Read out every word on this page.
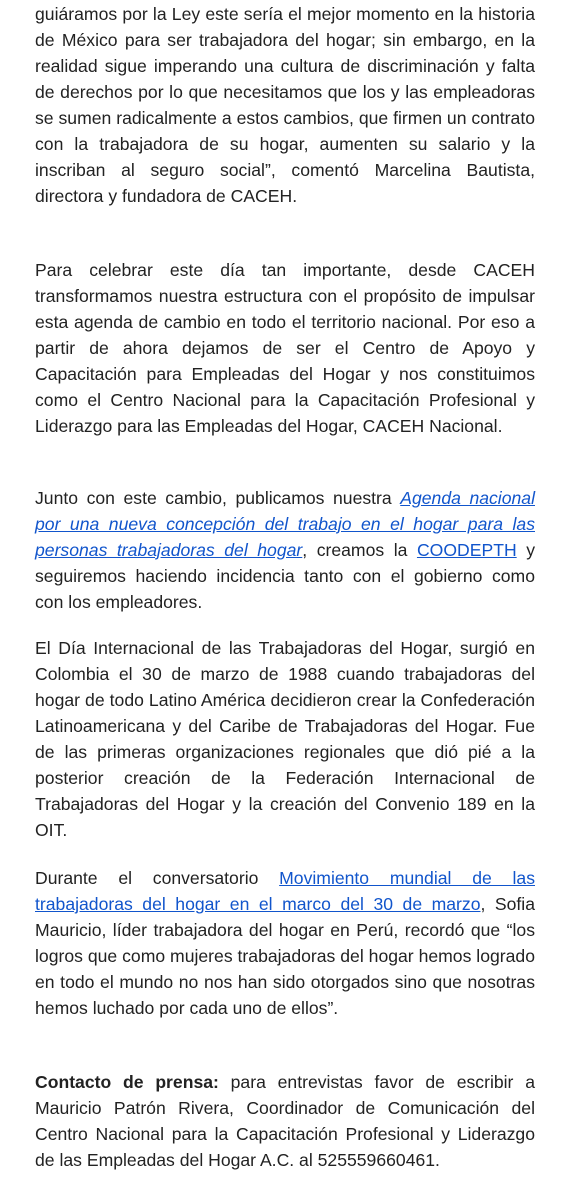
guiáramos por la Ley este sería el mejor momento en la historia de México para ser trabajadora del hogar; sin embargo, en la realidad sigue imperando una cultura de discriminación y falta de derechos por lo que necesitamos que los y las empleadoras se sumen radicalmente a estos cambios, que firmen un contrato con la trabajadora de su hogar, aumenten su salario y la inscriban al seguro social”, comentó Marcelina Bautista, directora y fundadora de CACEH.

Para celebrar este día tan importante, desde CACEH transformamos nuestra estructura con el propósito de impulsar esta agenda de cambio en todo el territorio nacional. Por eso a partir de ahora dejamos de ser el Centro de Apoyo y Capacitación para Empleadas del Hogar y nos constituimos como el Centro Nacional para la Capacitación Profesional y Liderazgo para las Empleadas del Hogar, CACEH Nacional.

Junto con este cambio, publicamos nuestra Agenda nacional por una nueva concepción del trabajo en el hogar para las personas trabajadoras del hogar, creamos la COODEPTH y seguiremos haciendo incidencia tanto con el gobierno como con los empleadores.

El Día Internacional de las Trabajadoras del Hogar, surgió en Colombia el 30 de marzo de 1988 cuando trabajadoras del hogar de todo Latino América decidieron crear la Confederación Latinoamericana y del Caribe de Trabajadoras del Hogar. Fue de las primeras organizaciones regionales que dió pié a la posterior creación de la Federación Internacional de Trabajadoras del Hogar y la creación del Convenio 189 en la OIT.

Durante el conversatorio Movimiento mundial de las trabajadoras del hogar en el marco del 30 de marzo, Sofia Mauricio, líder trabajadora del hogar en Perú, recordó que “los logros que como mujeres trabajadoras del hogar hemos logrado en todo el mundo no nos han sido otorgados sino que nosotras hemos luchado por cada uno de ellos”.

Contacto de prensa: para entrevistas favor de escribir a Mauricio Patrón Rivera, Coordinador de Comunicación del Centro Nacional para la Capacitación Profesional y Liderazgo de las Empleadas del Hogar A.C. al 525559660461.
